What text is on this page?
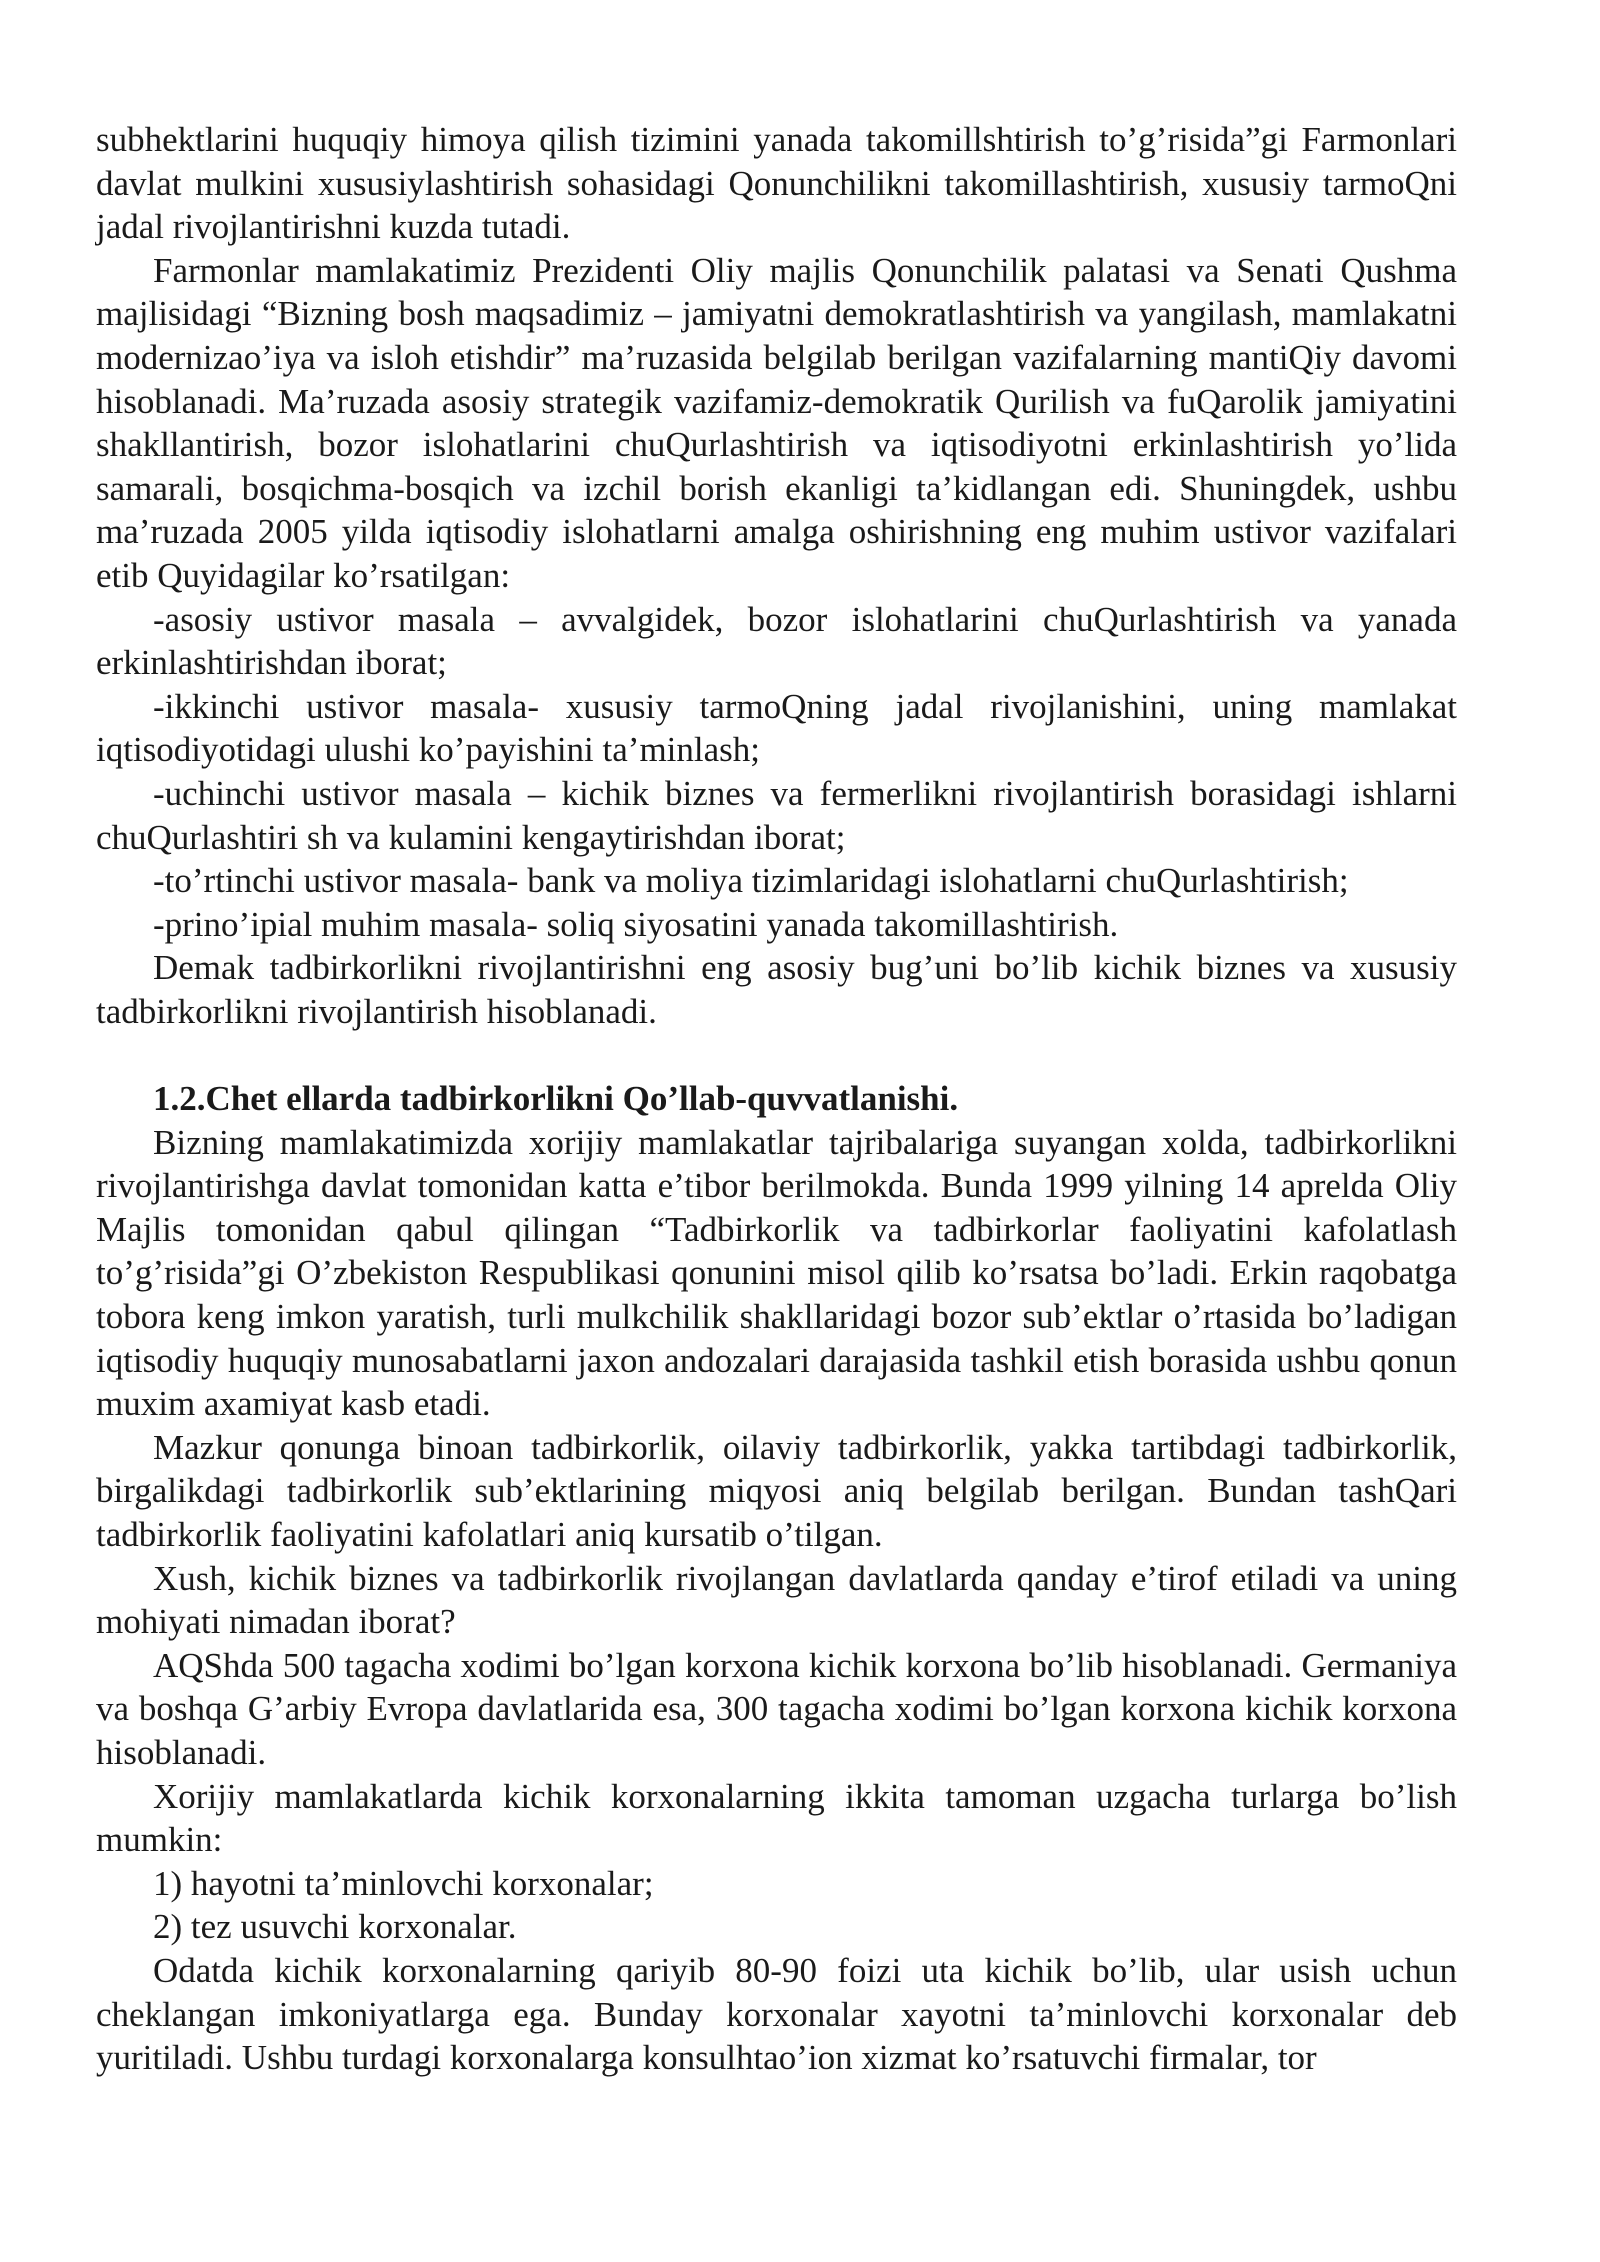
subhektlarini huquqiy himoya qilish tizimini yanada takomillshtirish to’g’risida”gi Farmonlari davlat mulkini xususiylashtirish sohasidagi Qonunchilikni takomillashtirish, xususiy tarmoQni jadal rivojlantirishni kuzda tutadi.

Farmonlar mamlakatimiz Prezidenti Oliy majlis Qonunchilik palatasi va Senati Qushma majlisidagi “Bizning bosh maqsadimiz – jamiyatni demokratlashtirish va yangilash, mamlakatni modernizao’iya va isloh etishdir” ma’ruzasida belgilab berilgan vazifalarning mantiQiy davomi hisoblanadi. Ma’ruzada asosiy strategik vazifamiz-demokratik Qurilish va fuQarolik jamiyatini shakllantirish, bozor islohatlarini chuQurlashtirish va iqtisodiyotni erkinlashtirish yo’lida samarali, bosqichma-bosqich va izchil borish ekanligi ta’kidlangan edi. Shuningdek, ushbu ma’ruzada 2005 yilda iqtisodiy islohatlarni amalga oshirishning eng muhim ustivor vazifalari etib Quyidagilar ko’rsatilgan:

-asosiy ustivor masala – avvalgidek, bozor islohatlarini chuQurlashtirish va yanada erkinlashtirishdan iborat;

-ikkinchi ustivor masala- xususiy tarmoQning jadal rivojlanishini, uning mamlakat iqtisodiyotidagi ulushi ko’payishini ta’minlash;

-uchinchi ustivor masala – kichik biznes va fermerlikni rivojlantirish borasidagi ishlarni chuQurlashtiri sh va kulamini kengaytirishdan iborat;

-to’rtinchi ustivor masala- bank va moliya tizimlaridagi islohatlarni chuQurlashtirish;

-prino’ipial muhim masala- soliq siyosatini yanada takomillashtirish.

Demak tadbirkorlikni rivojlantirishni eng asosiy bug’uni bo’lib kichik biznes va xususiy tadbirkorlikni rivojlantirish hisoblanadi.

1.2.Chet ellarda tadbirkorlikni Qo’llab-quvvatlanishi.

Bizning mamlakatimizda xorijiy mamlakatlar tajribalariga suyangan xolda, tadbirkorlikni rivojlantirishga davlat tomonidan katta e’tibor berilmokda. Bunda 1999 yilning 14 aprelda Oliy Majlis tomonidan qabul qilingan “Tadbirkorlik va tadbirkorlar faoliyatini kafolatlash to’g’risida”gi O’zbekiston Respublikasi qonunini misol qilib ko’rsatsa bo’ladi. Erkin raqobatga tobora keng imkon yaratish, turli mulkchilik shakllaridagi bozor sub’ektlar o’rtasida bo’ladigan iqtisodiy huquqiy munosabatlarni jaxon andozalari darajasida tashkil etish borasida ushbu qonun muxim axamiyat kasb etadi.

Mazkur qonunga binoan tadbirkorlik, oilaviy tadbirkorlik, yakka tartibdagi tadbirkorlik, birgalikdagi tadbirkorlik sub’ektlarining miqyosi aniq belgilab berilgan. Bundan tashQari tadbirkorlik faoliyatini kafolatlari aniq kursatib o’tilgan.

Xush, kichik biznes va tadbirkorlik rivojlangan davlatlarda qanday e’tirof etiladi va uning mohiyati nimadan iborat?

AQShda 500 tagacha xodimi bo’lgan korxona kichik korxona bo’lib hisoblanadi. Germaniya va boshqa G’arbiy Evropa davlatlarida esa, 300 tagacha xodimi bo’lgan korxona kichik korxona hisoblanadi.

Xorijiy mamlakatlarda kichik korxonalarning ikkita tamoman uzgacha turlarga bo’lish mumkin:

1) hayotni ta’minlovchi korxonalar;

2) tez usuvchi korxonalar.

Odatda kichik korxonalarning qariyib 80-90 foizi uta kichik bo’lib, ular usish uchun cheklangan imkoniyatlarga ega. Bunday korxonalar xayotni ta’minlovchi korxonalar deb yuritiladi. Ushbu turdagi korxonalarga konsulhtao’ion xizmat ko’rsatuvchi firmalar, tor
